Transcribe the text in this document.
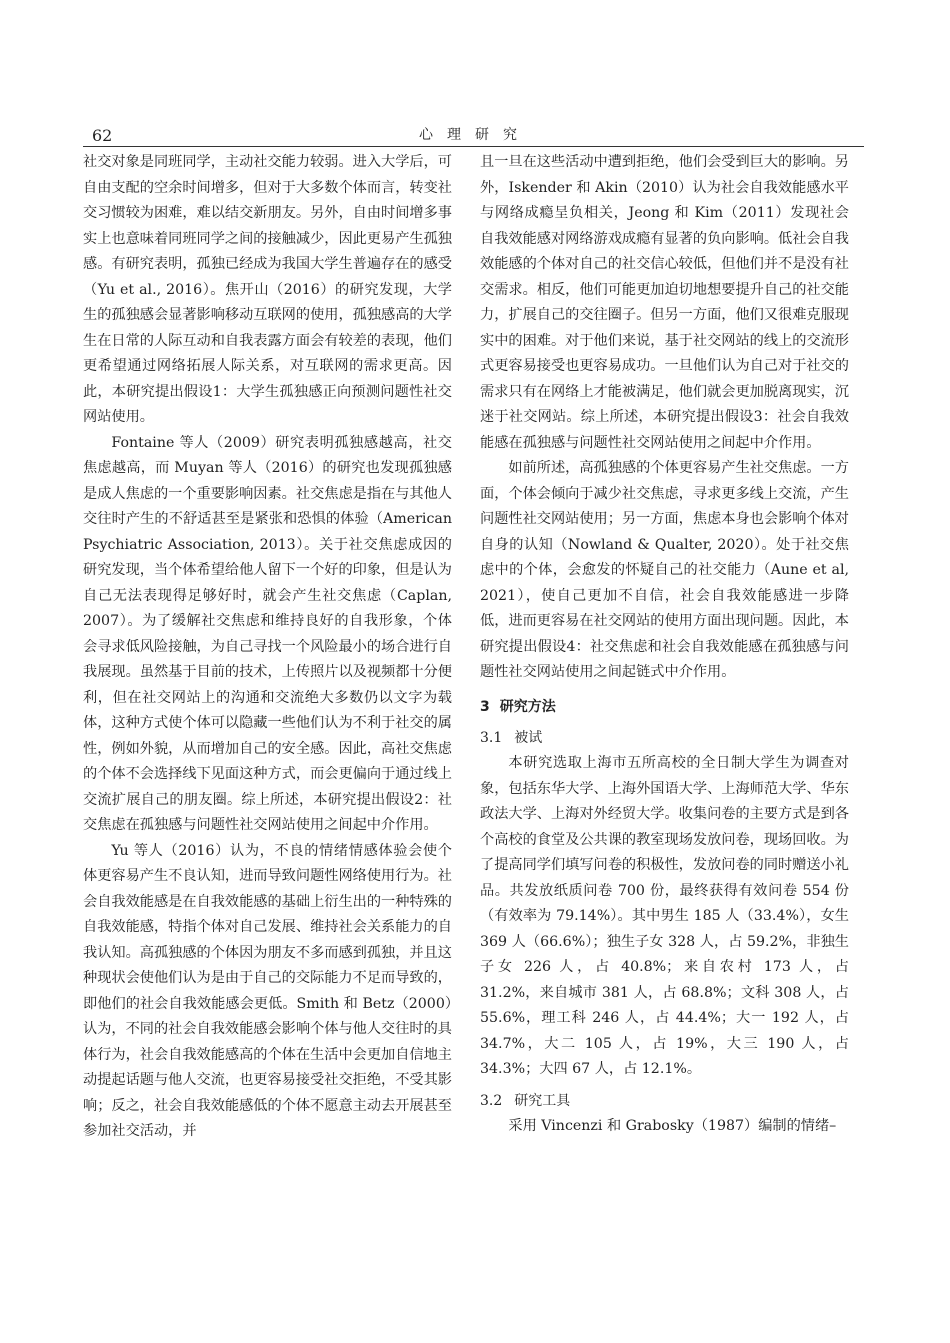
62	心理研究

社交对象是同班同学，主动社交能力较弱。进入大学后，可自由支配的空余时间增多，但对于大多数个体而言，转变社交习惯较为困难，难以结交新朋友。另外，自由时间增多事实上也意味着同班同学之间的接触减少，因此更易产生孤独感。有研究表明，孤独已经成为我国大学生普遍存在的感受（Yu et al., 2016）。焦开山（2016）的研究发现，大学生的孤独感会显著影响移动互联网的使用，孤独感高的大学生在日常的人际互动和自我表露方面会有较差的表现，他们更希望通过网络拓展人际关系，对互联网的需求更高。因此，本研究提出假设1：大学生孤独感正向预测问题性社交网站使用。

Fontaine 等人（2009）研究表明孤独感越高，社交焦虑越高，而 Muyan 等人（2016）的研究也发现孤独感是成人焦虑的一个重要影响因素。社交焦虑是指在与其他人交往时产生的不舒适甚至是紧张和恐惧的体验（American Psychiatric Association, 2013）。关于社交焦虑成因的研究发现，当个体希望给他人留下一个好的印象，但是认为自己无法表现得足够好时，就会产生社交焦虑（Caplan, 2007）。为了缓解社交焦虑和维持良好的自我形象，个体会寻求低风险接触，为自己寻找一个风险最小的场合进行自我展现。虽然基于目前的技术，上传照片以及视频都十分便利，但在社交网站上的沟通和交流绝大多数仍以文字为载体，这种方式使个体可以隐藏一些他们认为不利于社交的属性，例如外貌，从而增加自己的安全感。因此，高社交焦虑的个体不会选择线下见面这种方式，而会更偏向于通过线上交流扩展自己的朋友圈。综上所述，本研究提出假设2：社交焦虑在孤独感与问题性社交网站使用之间起中介作用。

Yu 等人（2016）认为，不良的情绪情感体验会使个体更容易产生不良认知，进而导致问题性网络使用行为。社会自我效能感是在自我效能感的基础上衍生出的一种特殊的自我效能感，特指个体对自己发展、维持社会关系能力的自我认知。高孤独感的个体因为朋友不多而感到孤独，并且这种现状会使他们认为是由于自己的交际能力不足而导致的，即他们的社会自我效能感会更低。Smith 和 Betz（2000）认为，不同的社会自我效能感会影响个体与他人交往时的具体行为，社会自我效能感高的个体在生活中会更加自信地主动提起话题与他人交流，也更容易接受社交拒绝，不受其影响；反之，社会自我效能感低的个体不愿意主动去开展甚至参加社交活动，并

且一旦在这些活动中遭到拒绝，他们会受到巨大的影响。另外，Iskender 和 Akin（2010）认为社会自我效能感水平与网络成瘾呈负相关，Jeong 和 Kim（2011）发现社会自我效能感对网络游戏成瘾有显著的负向影响。低社会自我效能感的个体对自己的社交信心较低，但他们并不是没有社交需求。相反，他们可能更加迫切地想要提升自己的社交能力，扩展自己的交往圈子。但另一方面，他们又很难克服现实中的困难。对于他们来说，基于社交网站的线上的交流形式更容易接受也更容易成功。一旦他们认为自己对于社交的需求只有在网络上才能被满足，他们就会更加脱离现实，沉迷于社交网站。综上所述，本研究提出假设3：社会自我效能感在孤独感与问题性社交网站使用之间起中介作用。

如前所述，高孤独感的个体更容易产生社交焦虑。一方面，个体会倾向于减少社交焦虑，寻求更多线上交流，产生问题性社交网站使用；另一方面，焦虑本身也会影响个体对自身的认知（Nowland & Qualter, 2020）。处于社交焦虑中的个体，会愈发的怀疑自己的社交能力（Aune et al, 2021），使自己更加不自信，社会自我效能感进一步降低，进而更容易在社交网站的使用方面出现问题。因此，本研究提出假设4：社交焦虑和社会自我效能感在孤独感与问题性社交网站使用之间起链式中介作用。

3 研究方法
3.1 被试

本研究选取上海市五所高校的全日制大学生为调查对象，包括东华大学、上海外国语大学、上海师范大学、华东政法大学、上海对外经贸大学。收集问卷的主要方式是到各个高校的食堂及公共课的教室现场发放问卷，现场回收。为了提高同学们填写问卷的积极性，发放问卷的同时赠送小礼品。共发放纸质问卷 700 份，最终获得有效问卷 554 份（有效率为 79.14%）。其中男生 185 人（33.4%），女生 369 人（66.6%）；独生子女 328 人，占 59.2%，非独生子女 226 人，占 40.8%；来自农村 173 人，占 31.2%，来自城市 381 人，占 68.8%；文科 308 人，占 55.6%，理工科 246 人，占 44.4%；大一 192 人，占 34.7%，大二 105 人，占 19%，大三 190 人，占 34.3%；大四 67 人，占 12.1%。

3.2 研究工具

采用 Vincenzi 和 Grabosky（1987）编制的情绪–
